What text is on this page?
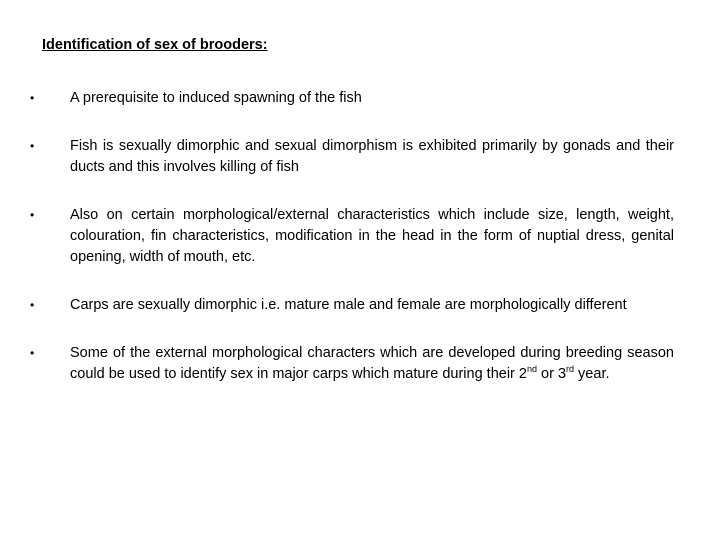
Identification of sex of brooders:
• A prerequisite to induced spawning of the fish
• Fish is sexually dimorphic and sexual dimorphism is exhibited primarily by gonads and their ducts and this involves killing of fish
• Also on certain morphological/external characteristics which include size, length, weight, colouration, fin characteristics, modification in the head in the form of nuptial dress, genital opening, width of mouth, etc.
• Carps are sexually dimorphic i.e. mature male and female are morphologically different
• Some of the external morphological characters which are developed during breeding season could be used to identify sex in major carps which mature during their 2nd or 3rd year.
